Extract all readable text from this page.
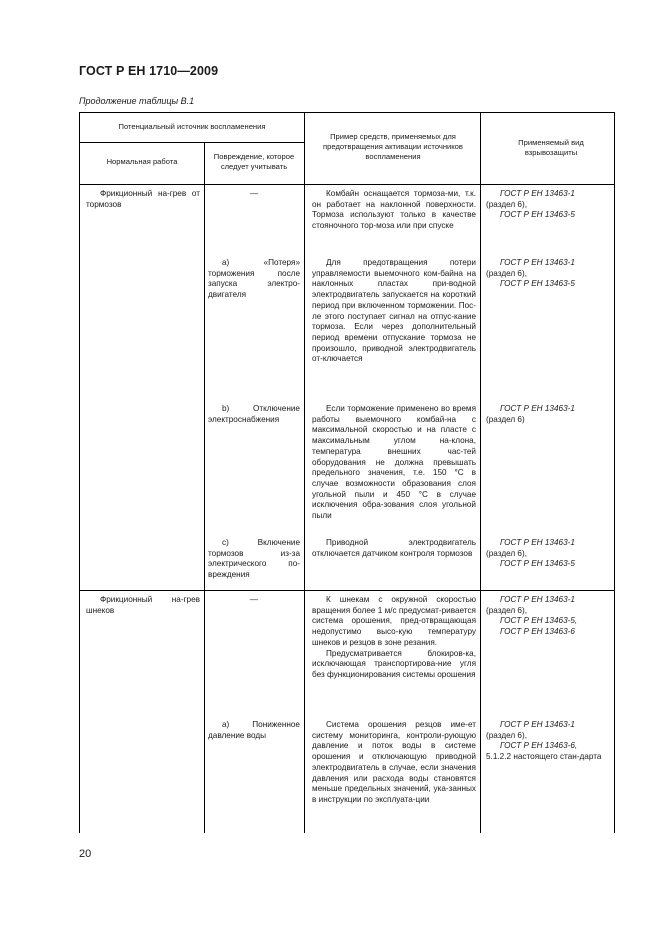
ГОСТ Р ЕН 1710—2009
Продолжение таблицы В.1
Потенциальный источник воспламенения
Нормальная работа
Повреждение, которое следует учитывать
Пример средств, применяемых для предотвращения активации источников воспламенения
Применяемый вид взрывозащиты
Фрикционный на-грев от тормозов
—	Комбайн оснащается тормоза-ми, т.к. он работает на наклонной поверхности. Тормоза используют только в качестве стояночного тор-моза или при спуске

ГОСТ Р ЕН 13463-1
(раздел 6),
ГОСТ Р ЕН 13463-5
а) «Потеря» торможения после запуска электро-двигателя

Для предотвращения потери управляемости выемочного ком-байна на наклонных пластах при-водной электродвигатель запускается на короткий период при включенном торможении. Пос-ле этого поступает сигнал на отпус-кание тормоза. Если через дополнительный период времени отпускание тормоза не произошло, приводной электродвигатель от-ключается

ГОСТ Р ЕН 13463-1
(раздел 6),
ГОСТ Р ЕН 13463-5
b) Отключение электроснабжения

Если торможение применено во время работы выемочного комбай-на с максимальной скоростью и на пласте с максимальным углом на-клона, температура внешних час-тей оборудования не должна превышать предельного значения, т.е. 150 °С в случае возможности образования слоя угольной пыли и 450 °С в случае исключения обра-зования слоя угольной пыли

ГОСТ Р ЕН 13463-1
(раздел 6)
с) Включение тормозов из-за электрического по-вреждения

Приводной электродвигатель отключается датчиком контроля тормозов

ГОСТ Р ЕН 13463-1
(раздел 6),
ГОСТ Р ЕН 13463-5
Фрикционный на-грев шнеков
—	К шнекам с окружной скоростью вращения более 1 м/с предусмат-ривается система орошения, пред-отвращающая недопустимо высо-кую температуру шнеков и резцов в зоне резания.

Предусматривается блокиров-ка, исключающая транспортирова-ние угля без функционирования системы орошения

ГОСТ Р ЕН 13463-1
(раздел 6),
ГОСТ Р ЕН 13463-5,
ГОСТ Р ЕН 13463-6
а) Пониженное давление воды

Система орошения резцов име-ет систему мониторинга, контроли-рующую давление и поток воды в системе орошения и отключающую приводной электродвигатель в случае, если значения давления или расхода воды становятся меньше предельных значений, ука-занных в инструкции по эксплуата-ции

ГОСТ Р ЕН 13463-1
(раздел 6),
ГОСТ Р ЕН 13463-6,
5.1.2.2 настоящего стан-дарта
20
